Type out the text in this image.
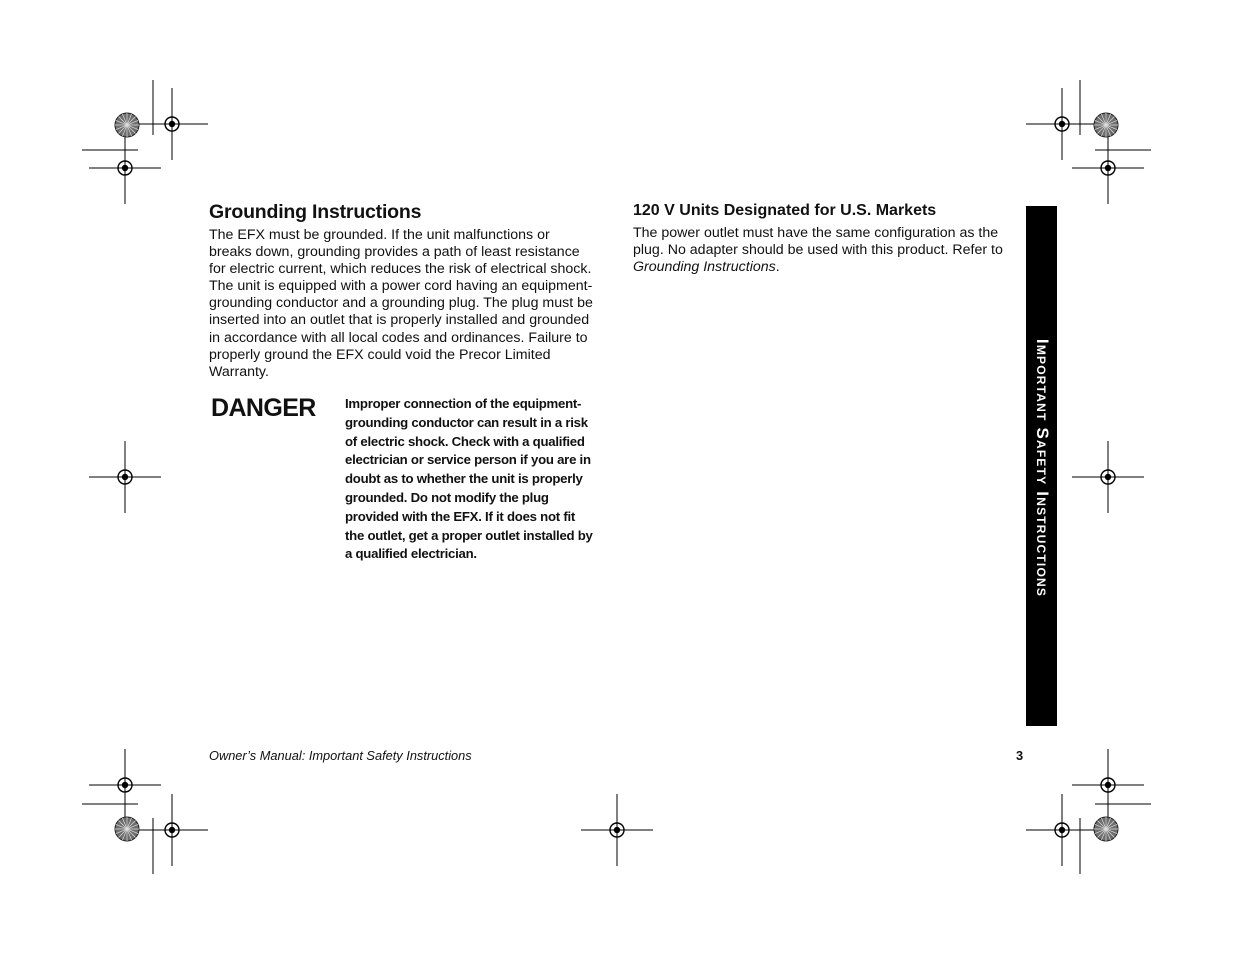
Grounding Instructions

The EFX must be grounded. If the unit malfunctions or breaks down, grounding provides a path of least resistance for electric current, which reduces the risk of electrical shock. The unit is equipped with a power cord having an equipment-grounding conductor and a grounding plug. The plug must be inserted into an outlet that is properly installed and grounded in accordance with all local codes and ordinances. Failure to properly ground the EFX could void the Precor Limited Warranty.

DANGER Improper connection of the equipment-grounding conductor can result in a risk of electric shock. Check with a qualified electrician or service person if you are in doubt as to whether the unit is properly grounded. Do not modify the plug provided with the EFX. If it does not fit the outlet, get a proper outlet installed by a qualified electrician.

120 V Units Designated for U.S. Markets

The power outlet must have the same configuration as the plug. No adapter should be used with this product. Refer to Grounding Instructions.

Important Safety Instructions
Owner’s Manual: Important Safety Instructions	3
